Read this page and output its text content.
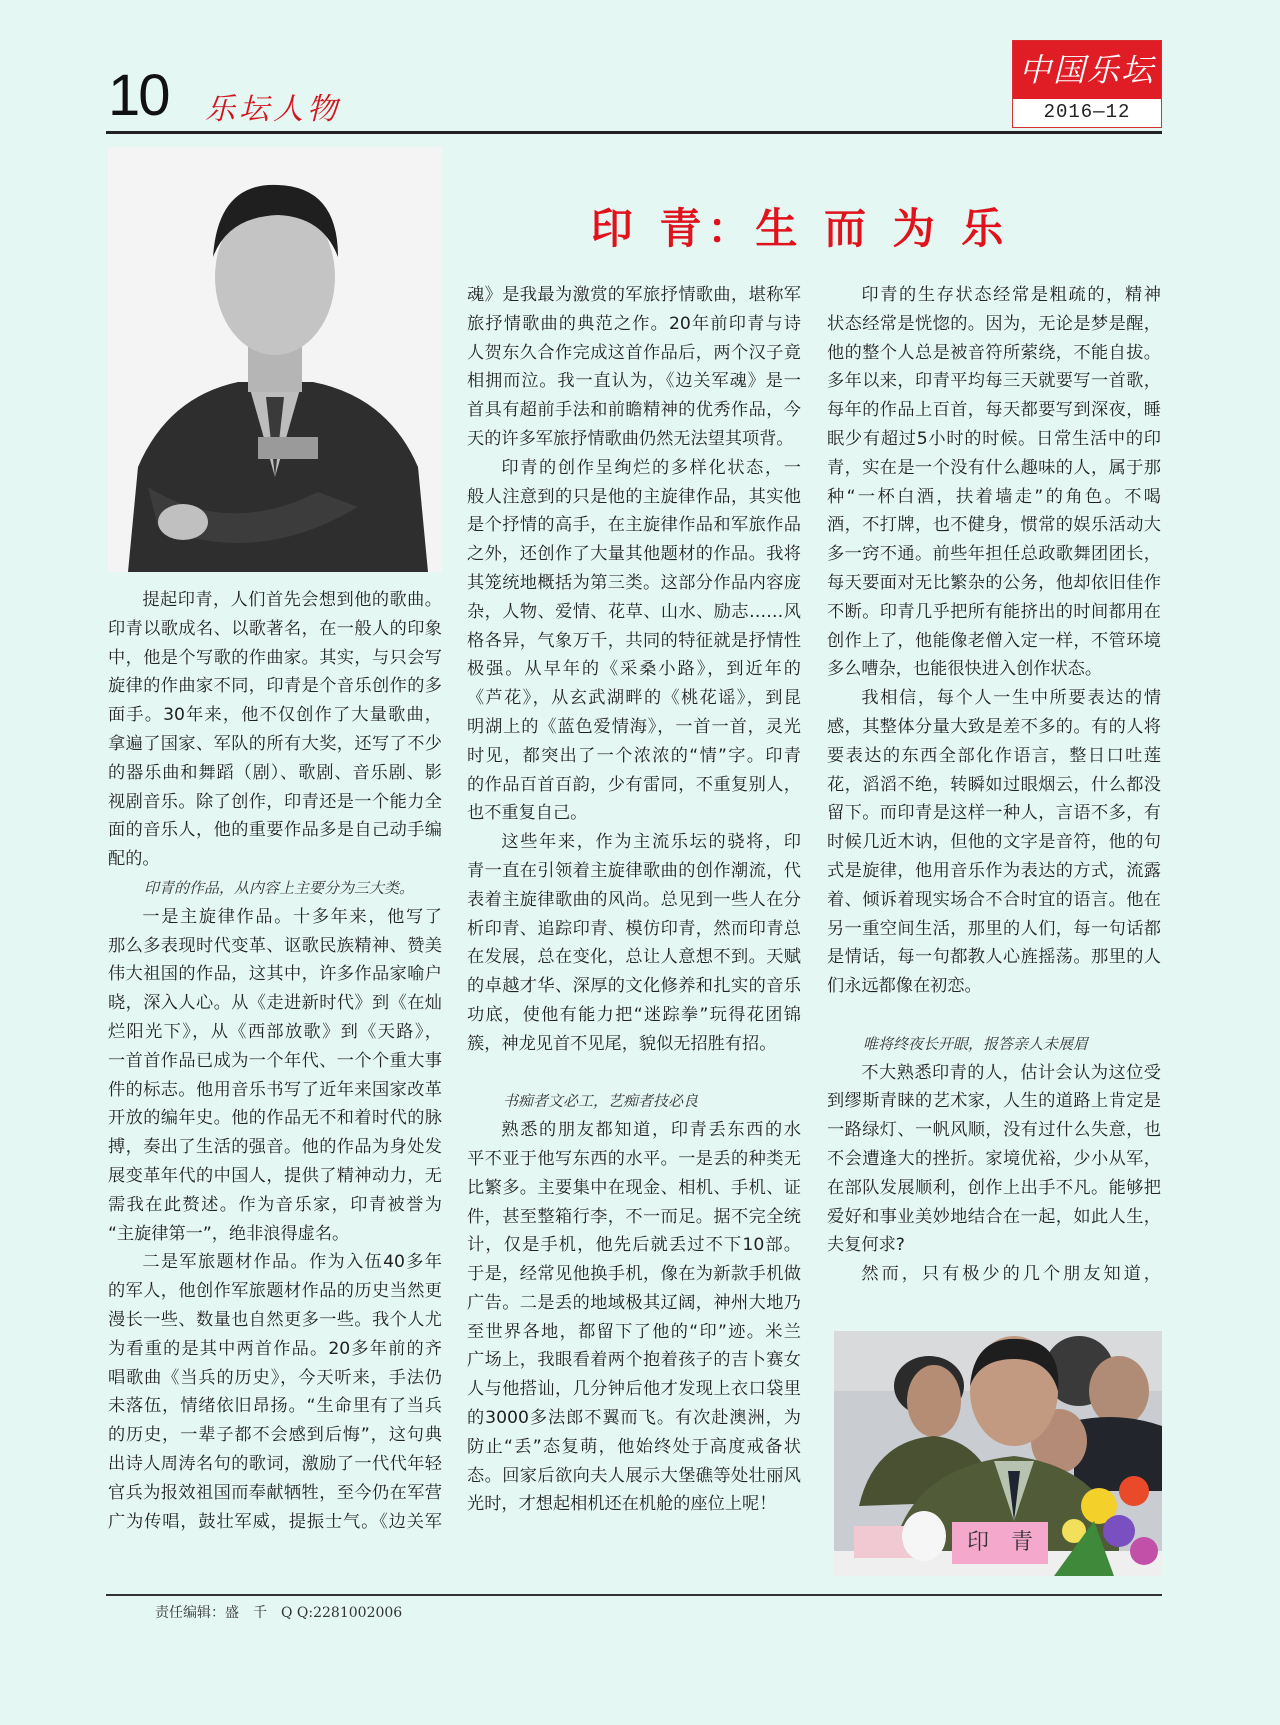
10 乐坛人物
中国乐坛
2016—12
印 青：生 而 为 乐
提起印青，人们首先会想到他的歌曲。
印青以歌成名、以歌著名，在一般人的印象
中，他是个写歌的作曲家。其实，与只会写
旋律的作曲家不同，印青是个音乐创作的多
面手。30年来，他不仅创作了大量歌曲，
拿遍了国家、军队的所有大奖，还写了不少
的器乐曲和舞蹈（剧）、歌剧、音乐剧、影
视剧音乐。除了创作，印青还是一个能力全
面的音乐人，他的重要作品多是自己动手编
配的。
印青的作品，从内容上主要分为三大类。
一是主旋律作品。十多年来，他写了
那么多表现时代变革、讴歌民族精神、赞美
伟大祖国的作品，这其中，许多作品家喻户
晓，深入人心。从《走进新时代》到《在灿
烂阳光下》，从《西部放歌》到《天路》，
一首首作品已成为一个年代、一个个重大事
件的标志。他用音乐书写了近年来国家改革
开放的编年史。他的作品无不和着时代的脉
搏，奏出了生活的强音。他的作品为身处发
展变革年代的中国人，提供了精神动力，无
需我在此赘述。作为音乐家，印青被誉为
“主旋律第一”，绝非浪得虚名。
二是军旅题材作品。作为入伍40多年
的军人，他创作军旅题材作品的历史当然更
漫长一些、数量也自然更多一些。我个人尤
为看重的是其中两首作品。20多年前的齐
唱歌曲《当兵的历史》，今天听来，手法仍
未落伍，情绪依旧昂扬。“生命里有了当兵
的历史，一辈子都不会感到后悔”，这句典
出诗人周涛名句的歌词，激励了一代代年轻
官兵为报效祖国而奉献牺牲，至今仍在军营
广为传唱，鼓壮军威，提振士气。《边关军
魂》是我最为激赏的军旅抒情歌曲，堪称军
旅抒情歌曲的典范之作。20年前印青与诗
人贺东久合作完成这首作品后，两个汉子竟
相拥而泣。我一直认为，《边关军魂》是一
首具有超前手法和前瞻精神的优秀作品，今
天的许多军旅抒情歌曲仍然无法望其项背。
印青的创作呈绚烂的多样化状态，一
般人注意到的只是他的主旋律作品，其实他
是个抒情的高手，在主旋律作品和军旅作品
之外，还创作了大量其他题材的作品。我将
其笼统地概括为第三类。这部分作品内容庞
杂，人物、爱情、花草、山水、励志……风
格各异，气象万千，共同的特征就是抒情性
极强。从早年的《采桑小路》，到近年的
《芦花》，从玄武湖畔的《桃花谣》，到昆
明湖上的《蓝色爱情海》，一首一首，灵光
时见，都突出了一个浓浓的“情”字。印青
的作品百首百韵，少有雷同，不重复别人，
也不重复自己。
这些年来，作为主流乐坛的骁将，印
青一直在引领着主旋律歌曲的创作潮流，代
表着主旋律歌曲的风尚。总见到一些人在分
析印青、追踪印青、模仿印青，然而印青总
在发展，总在变化，总让人意想不到。天赋
的卓越才华、深厚的文化修养和扎实的音乐
功底，使他有能力把“迷踪拳”玩得花团锦
簇，神龙见首不见尾，貌似无招胜有招。
书痴者文必工，艺痴者技必良
熟悉的朋友都知道，印青丢东西的水
平不亚于他写东西的水平。一是丢的种类无
比繁多。主要集中在现金、相机、手机、证
件，甚至整箱行李，不一而足。据不完全统
计，仅是手机，他先后就丢过不下10部。
于是，经常见他换手机，像在为新款手机做
广告。二是丢的地域极其辽阔，神州大地乃
至世界各地，都留下了他的“印”迹。米兰
广场上，我眼看着两个抱着孩子的吉卜赛女
人与他搭讪，几分钟后他才发现上衣口袋里
的3000多法郎不翼而飞。有次赴澳洲，为
防止“丢”态复萌，他始终处于高度戒备状
态。回家后欲向夫人展示大堡礁等处壮丽风
光时，才想起相机还在机舱的座位上呢！
印青的生存状态经常是粗疏的，精神
状态经常是恍惚的。因为，无论是梦是醒，
他的整个人总是被音符所萦绕，不能自拔。
多年以来，印青平均每三天就要写一首歌，
每年的作品上百首，每天都要写到深夜，睡
眠少有超过5小时的时候。日常生活中的印
青，实在是一个没有什么趣味的人，属于那
种“一杯白酒，扶着墙走”的角色。不喝
酒，不打牌，也不健身，惯常的娱乐活动大
多一窍不通。前些年担任总政歌舞团团长，
每天要面对无比繁杂的公务，他却依旧佳作
不断。印青几乎把所有能挤出的时间都用在
创作上了，他能像老僧入定一样，不管环境
多么嘈杂，也能很快进入创作状态。
我相信，每个人一生中所要表达的情
感，其整体分量大致是差不多的。有的人将
要表达的东西全部化作语言，整日口吐莲
花，滔滔不绝，转瞬如过眼烟云，什么都没
留下。而印青是这样一种人，言语不多，有
时候几近木讷，但他的文字是音符，他的句
式是旋律，他用音乐作为表达的方式，流露
着、倾诉着现实场合不合时宜的语言。他在
另一重空间生活，那里的人们，每一句话都
是情话，每一句都教人心旌摇荡。那里的人
们永远都像在初恋。
唯将终夜长开眼，报答亲人未展眉
不大熟悉印青的人，估计会认为这位受
到缪斯青睐的艺术家，人生的道路上肯定是
一路绿灯、一帆风顺，没有过什么失意，也
不会遭逢大的挫折。家境优裕，少小从军，
在部队发展顺利，创作上出手不凡。能够把
爱好和事业美妙地结合在一起，如此人生，
夫复何求?
然而，只有极少的几个朋友知道，
印　青
责任编辑：盛　千　Q Q:2281002006
